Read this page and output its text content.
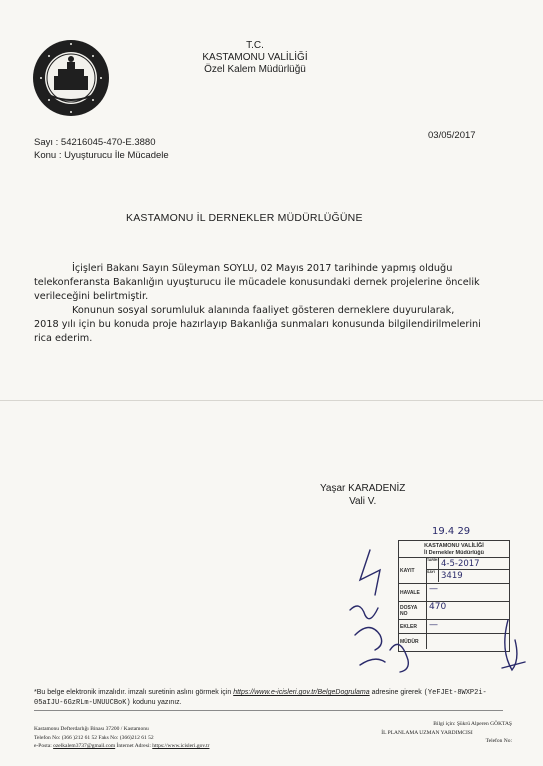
T.C.
KASTAMONU VALİLİĞİ
Özel Kalem Müdürlüğü
Sayı : 54216045-470-E.3880
Konu : Uyuşturucu İle Mücadele
03/05/2017
KASTAMONU İL DERNEKLER MÜDÜRLÜĞÜNE

İçişleri Bakanı Sayın Süleyman SOYLU, 02 Mayıs 2017 tarihinde yapmış olduğu telekonferansta Bakanlığın uyuşturucu ile mücadele konusundaki dernek projelerine öncelik verileceğini belirtmiştir.

Konunun sosyal sorumluluk alanında faaliyet gösteren derneklere duyurularak, 2018 yılı için bu konuda proje hazırlayıp Bakanlığa sunmaları konusunda bilgilendirilmelerini rica ederim.

Yaşar KARADENİZ
Vali V.
19.4 29
KASTAMONU VALİLİĞİ
İl Dernekler Müdürlüğü
KAYIT
TARİH 4-5-2017
SAYI 3419
HAVALE	—
DOSYA NO
470
EKLER	—
MÜDÜR
*Bu belge elektronik imzalıdır. imzalı suretinin aslını görmek için https://www.e-icisleri.gov.tr/BelgeDogrulama adresine girerek (YeFJEt-8WXP2i-05aIJU-6GzRLm-UNUUCBoK) kodunu yazınız.
Kastamonu Defterdarlığı Binası 37200 / Kastamonu
Telefon No: (366 )212 61 52 Faks No: (366)212 61 52
e-Posta: ozelkalem3737@gmail.com İnternet Adresi: https://www.icisleri.gov.tr
Bilgi için: Şükrü Alperen GÖKTAŞ
İL PLANLAMA UZMAN YARDIMCISI
Telefon No:
